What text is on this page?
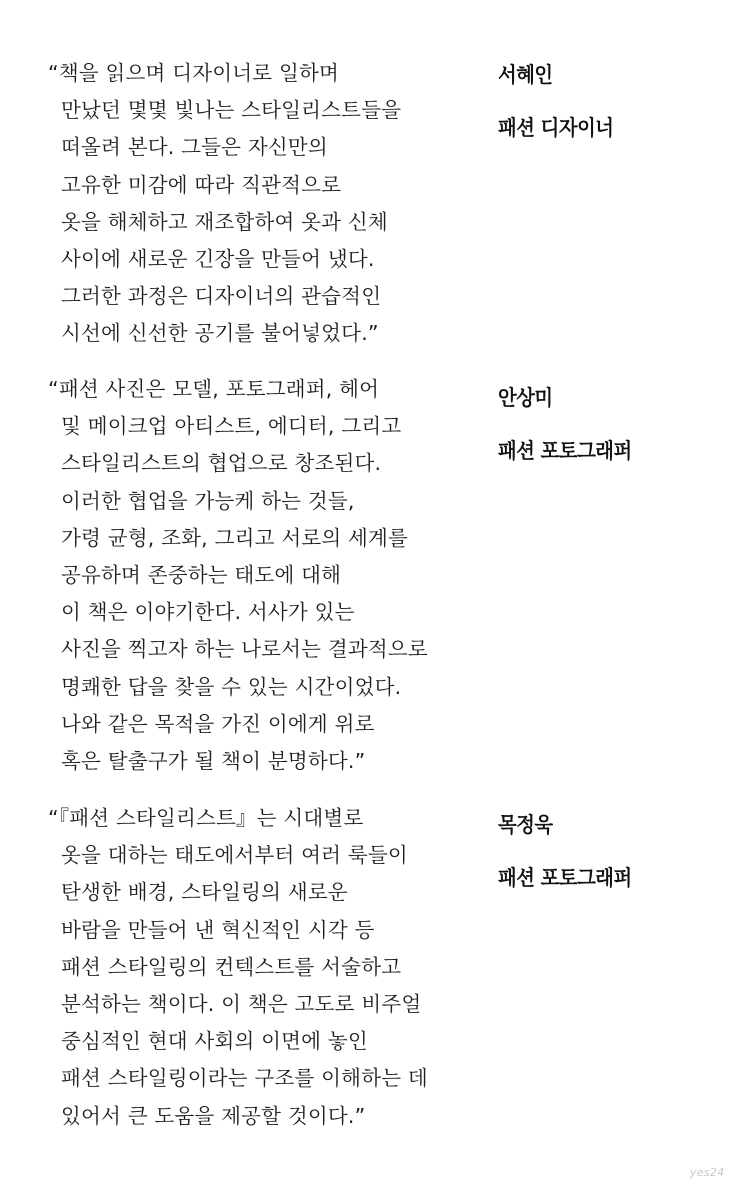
“책을 읽으며 디자이너로 일하며
만났던 몇몇 빛나는 스타일리스트들을
떠올려 본다. 그들은 자신만의
고유한 미감에 따라 직관적으로
옷을 해체하고 재조합하여 옷과 신체
사이에 새로운 긴장을 만들어 냈다.
그러한 과정은 디자이너의 관습적인
시선에 신선한 공기를 불어넣었다.”
서혜인
패션 디자이너
“패션 사진은 모델, 포토그래퍼, 헤어
및 메이크업 아티스트, 에디터, 그리고
스타일리스트의 협업으로 창조된다.
이러한 협업을 가능케 하는 것들,
가령 균형, 조화, 그리고 서로의 세계를
공유하며 존중하는 태도에 대해
이 책은 이야기한다. 서사가 있는
사진을 찍고자 하는 나로서는 결과적으로
명쾌한 답을 찾을 수 있는 시간이었다.
나와 같은 목적을 가진 이에게 위로
혹은 탈출구가 될 책이 분명하다.”
안상미
패션 포토그래퍼
“『패션 스타일리스트』는 시대별로
옷을 대하는 태도에서부터 여러 룩들이
탄생한 배경, 스타일링의 새로운
바람을 만들어 낸 혁신적인 시각 등
패션 스타일링의 컨텍스트를 서술하고
분석하는 책이다. 이 책은 고도로 비주얼
중심적인 현대 사회의 이면에 놓인
패션 스타일링이라는 구조를 이해하는 데
있어서 큰 도움을 제공할 것이다.”
목정욱
패션 포토그래퍼
yes24
